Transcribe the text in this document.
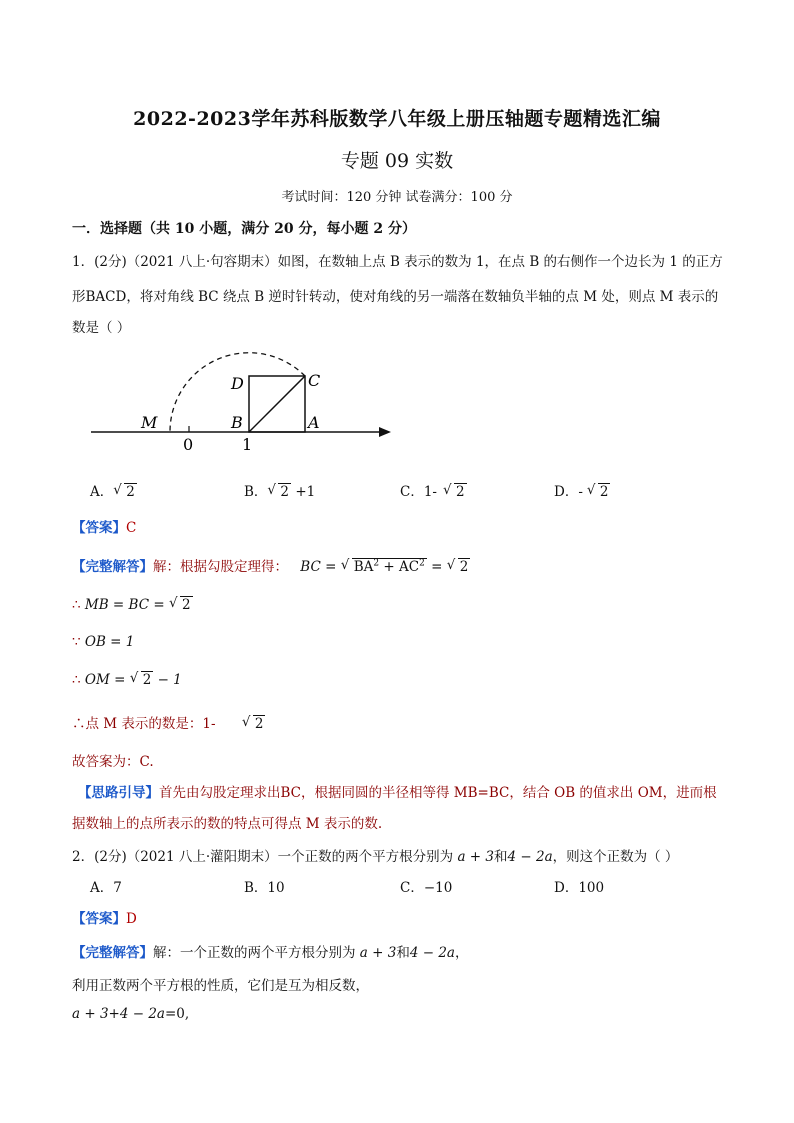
2022-2023学年苏科版数学八年级上册压轴题专题精选汇编
专题 09 实数
考试时间：120 分钟 试卷满分：100 分
一．选择题（共 10 小题，满分 20 分，每小题 2 分）
1．(2分)（2021 八上·句容期末）如图，在数轴上点 B 表示的数为 1，在点 B 的右侧作一个边长为 1 的正方
形BACD，将对角线 BC 绕点 B 逆时针转动，使对角线的另一端落在数轴负半轴的点 M 处，则点 M 表示的
数是（ ）
M
0
B
1
D	C
A
A． √ 2	B． √ 2 +1	C．1- √ 2	D．- √ 2
【答案】C
【完整解答】解：根据勾股定理得： BC = √ $BA^2 + AC^2$ = √ 2
∴ MB = BC = √ 2
∵ OB = 1
∴ OM = √ 2 − 1
∴点 M 表示的数是：1-	√ 2
故答案为：C.
【思路引导】首先由勾股定理求出BC，根据同圆的半径相等得 MB=BC，结合 OB 的值求出 OM，进而根
据数轴上的点所表示的数的特点可得点 M 表示的数.
2．(2分)（2021 八上·灌阳期末）一个正数的两个平方根分别为 a + 3和4 − 2a，则这个正数为（ ）
A．7	B．10	C．−10	D．100
【答案】D
【完整解答】解：一个正数的两个平方根分别为 a + 3和4 − 2a，
利用正数两个平方根的性质，它们是互为相反数，
a + 3+4 − 2a=0,
